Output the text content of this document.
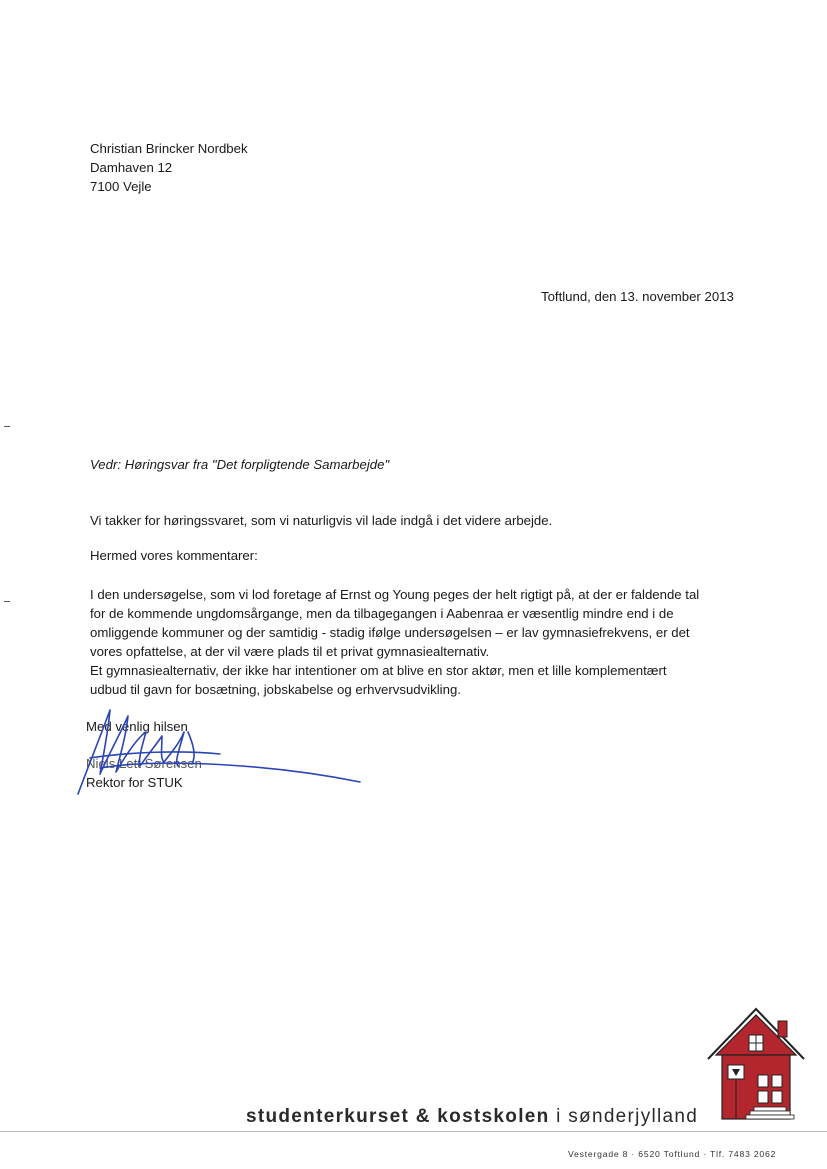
Christian Brincker Nordbek
Damhaven 12
7100 Vejle
Toftlund, den 13. november 2013
Vedr: Høringsvar fra "Det forpligtende Samarbejde"
Vi takker for høringssvaret, som vi naturligvis vil lade indgå i det videre arbejde.
Hermed vores kommentarer:
I den undersøgelse, som vi lod foretage af Ernst og Young peges der helt rigtigt på, at der er faldende tal
for de kommende ungdomsårgange, men da tilbagegangen i Aabenraa er væsentlig mindre end i de
omliggende kommuner og der samtidig - stadig ifølge undersøgelsen – er lav gymnasiefrekvens, er det
vores opfattelse, at der vil være plads til et privat gymnasiealternativ.
Et gymnasiealternativ, der ikke har intentioner om at blive en stor aktør, men et lille komplementært
udbud til gavn for bosætning, jobskabelse og erhvervsudvikling.
Med venlig hilsen
Niels Lett Sørensen
Rektor for STUK
studenterkurset & kostskolen i sønderjylland
Vestergade 8 · 6520 Toftlund · Tlf. 7483 2062
